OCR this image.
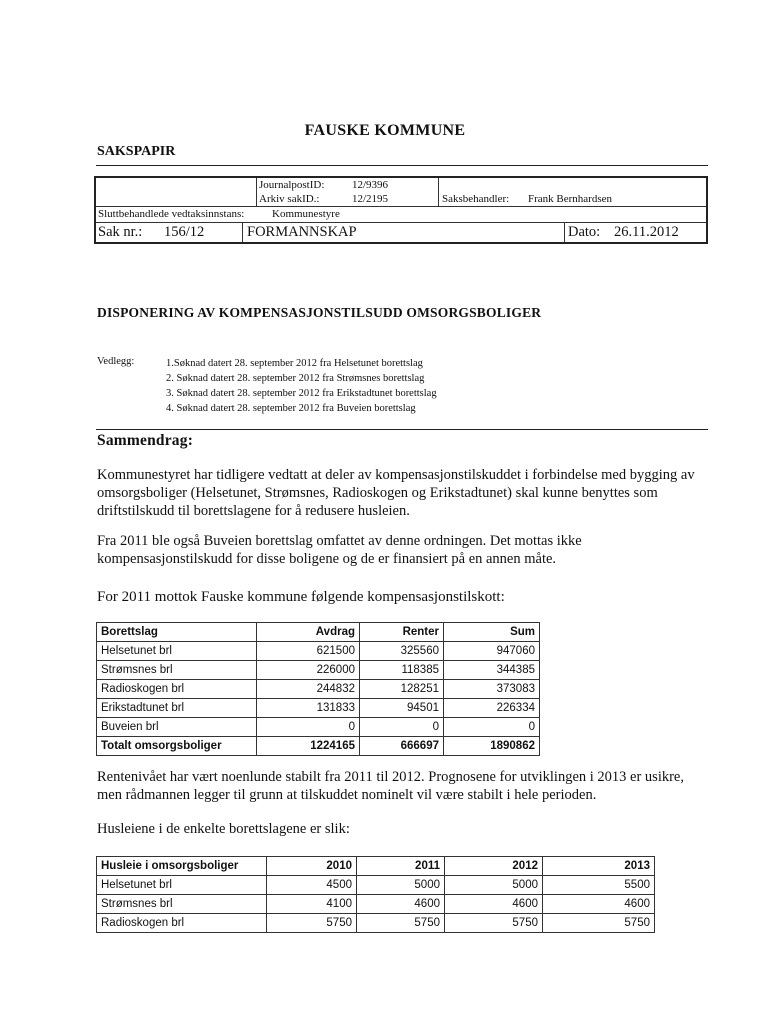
FAUSKE KOMMUNE
SAKSPAPIR
JournalpostID:	12/9396
Arkiv sakID.:	12/2195	Saksbehandler: Frank Bernhardsen
Sluttbehandlede vedtaksinnstans:	Kommunestyre
Sak nr.: 156/12	FORMANNSKAP	Dato: 26.11.2012
DISPONERING AV KOMPENSASJONSTILSUDD OMSORGSBOLIGER
Vedlegg:	1.Søknad datert 28. september 2012 fra Helsetunet borettslag
2. Søknad datert 28. september 2012 fra Strømsnes borettslag
3. Søknad datert 28. september 2012 fra Erikstadtunet borettslag
4. Søknad datert 28. september 2012 fra Buveien borettslag
Sammendrag:
Kommunestyret har tidligere vedtatt at deler av kompensasjonstilskuddet i forbindelse med bygging av omsorgsboliger (Helsetunet, Strømsnes, Radioskogen og Erikstadtunet) skal kunne benyttes som driftstilskudd til borettslagene for å redusere husleien.
Fra 2011 ble også Buveien borettslag omfattet av denne ordningen. Det mottas ikke kompensasjonstilskudd for disse boligene og de er finansiert på en annen måte.
For 2011 mottok Fauske kommune følgende kompensasjonstilskott:
Borettslag	Avdrag	Renter	Sum
Helsetunet brl	621500	325560	947060
Strømsnes brl	226000	118385	344385
Radioskogen brl	244832	128251	373083
Erikstadtunet brl	131833	94501	226334
Buveien brl	0	0	0
Totalt omsorgsboliger	1224165	666697	1890862
Rentenivået har vært noenlunde stabilt fra 2011 til 2012. Prognosene for utviklingen i 2013 er usikre, men rådmannen legger til grunn at tilskuddet nominelt vil være stabilt i hele perioden.
Husleiene i de enkelte borettslagene er slik:
Husleie i omsorgsboliger	2010	2011	2012	2013
Helsetunet brl	4500	5000	5000	5500
Strømsnes brl	4100	4600	4600	4600
Radioskogen brl	5750	5750	5750	5750
